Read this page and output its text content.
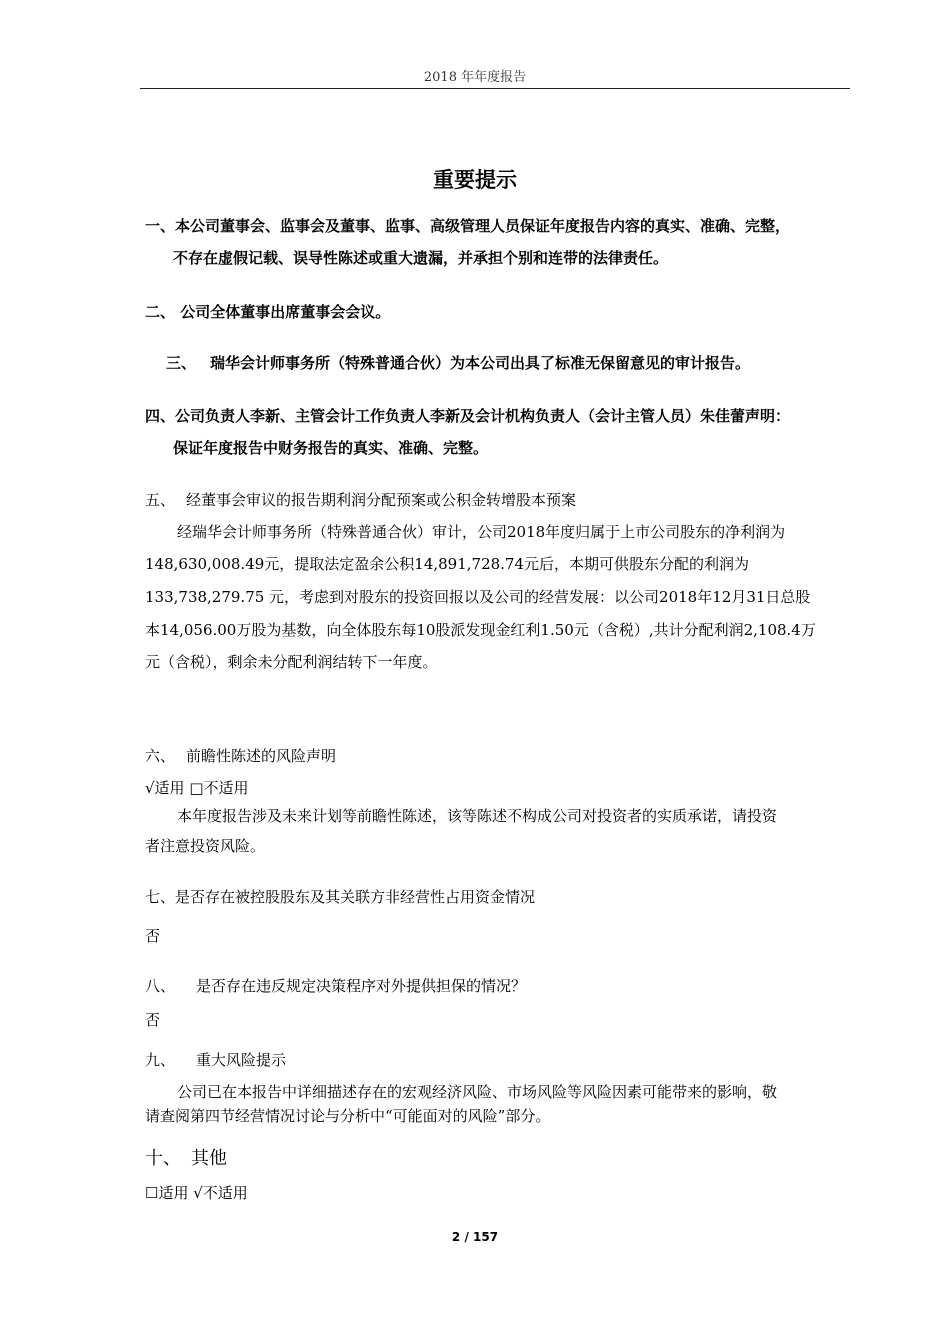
2018 年年度报告
重要提示
一、本公司董事会、监事会及董事、监事、高级管理人员保证年度报告内容的真实、准确、完整，
不存在虚假记载、误导性陈述或重大遗漏，并承担个别和连带的法律责任。
二、 公司全体董事出席董事会会议。
三、 瑞华会计师事务所（特殊普通合伙）为本公司出具了标准无保留意见的审计报告。
四、公司负责人李新、主管会计工作负责人李新及会计机构负责人（会计主管人员）朱佳蕾声明：
保证年度报告中财务报告的真实、准确、完整。
五、 经董事会审议的报告期利润分配预案或公积金转增股本预案
经瑞华会计师事务所（特殊普通合伙）审计，公司2018年度归属于上市公司股东的净利润为
148,630,008.49元，提取法定盈余公积14,891,728.74元后，本期可供股东分配的利润为
133,738,279.75 元，考虑到对股东的投资回报以及公司的经营发展：以公司2018年12月31日总股
本14,056.00万股为基数，向全体股东每10股派发现金红利1.50元（含税）,共计分配利润2,108.4万
元（含税），剩余未分配利润结转下一年度。
六、 前瞻性陈述的风险声明
√适用 □不适用
本年度报告涉及未来计划等前瞻性陈述，该等陈述不构成公司对投资者的实质承诺，请投资
者注意投资风险。
七、是否存在被控股股东及其关联方非经营性占用资金情况
否
八、 是否存在违反规定决策程序对外提供担保的情况？
否
九、 重大风险提示
公司已在本报告中详细描述存在的宏观经济风险、市场风险等风险因素可能带来的影响，敬
请查阅第四节经营情况讨论与分析中“可能面对的风险”部分。
十、 其他
☐适用 √不适用
2 / 157
